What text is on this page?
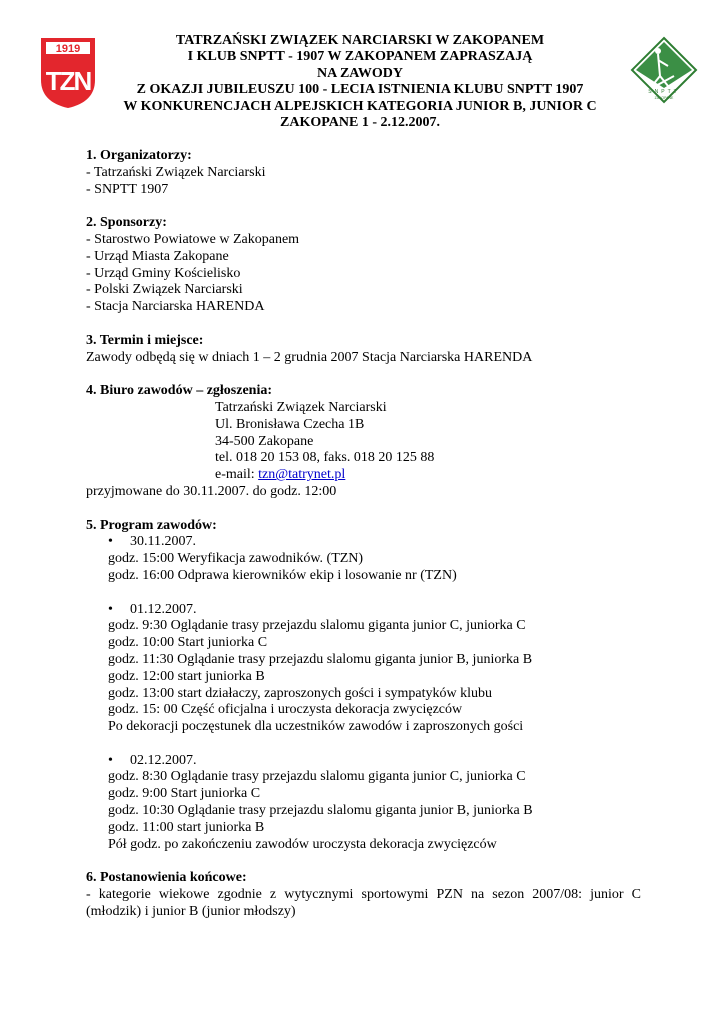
1919
TZN	SNPTT
ZAKOPANE
TATRZAŃSKI ZWIĄZEK NARCIARSKI W ZAKOPANEM
I KLUB SNPTT - 1907 W ZAKOPANEM ZAPRASZAJĄ
NA ZAWODY
Z OKAZJI JUBILEUSZU 100 - LECIA ISTNIENIA KLUBU SNPTT 1907
W KONKURENCJACH ALPEJSKICH KATEGORIA JUNIOR B, JUNIOR C
ZAKOPANE 1 - 2.12.2007.
1. Organizatorzy:
- Tatrzański Związek Narciarski
- SNPTT 1907
2. Sponsorzy:
- Starostwo Powiatowe w Zakopanem
- Urząd Miasta Zakopane
- Urząd Gminy Kościelisko
- Polski Związek Narciarski
- Stacja Narciarska HARENDA
3. Termin i miejsce:
Zawody odbędą się w dniach 1 – 2 grudnia 2007 Stacja Narciarska HARENDA
4. Biuro zawodów – zgłoszenia:
Tatrzański Związek Narciarski
Ul. Bronisława Czecha 1B
34-500 Zakopane
tel. 018 20 153 08, faks. 018 20 125 88
e-mail: tzn@tatrynet.pl
przyjmowane do 30.11.2007. do godz. 12:00
5. Program zawodów:
• 30.11.2007.
godz. 15:00 Weryfikacja zawodników. (TZN)
godz. 16:00 Odprawa kierowników ekip i losowanie nr (TZN)
• 01.12.2007.
godz. 9:30 Oglądanie trasy przejazdu slalomu giganta junior C, juniorka C
godz. 10:00 Start juniorka C
godz. 11:30 Oglądanie trasy przejazdu slalomu giganta junior B, juniorka B
godz. 12:00 start juniorka B
godz. 13:00 start działaczy, zaproszonych gości i sympatyków klubu
godz. 15: 00 Część oficjalna i uroczysta dekoracja zwycięzców
Po dekoracji poczęstunek dla uczestników zawodów i zaproszonych gości
• 02.12.2007.
godz. 8:30 Oglądanie trasy przejazdu slalomu giganta junior C, juniorka C
godz. 9:00 Start juniorka C
godz. 10:30 Oglądanie trasy przejazdu slalomu giganta junior B, juniorka B
godz. 11:00 start juniorka B
Pół godz. po zakończeniu zawodów uroczysta dekoracja zwycięzców
6. Postanowienia końcowe:
- kategorie wiekowe zgodnie z wytycznymi sportowymi PZN na sezon 2007/08: junior C (młodzik) i junior B (junior młodszy)
